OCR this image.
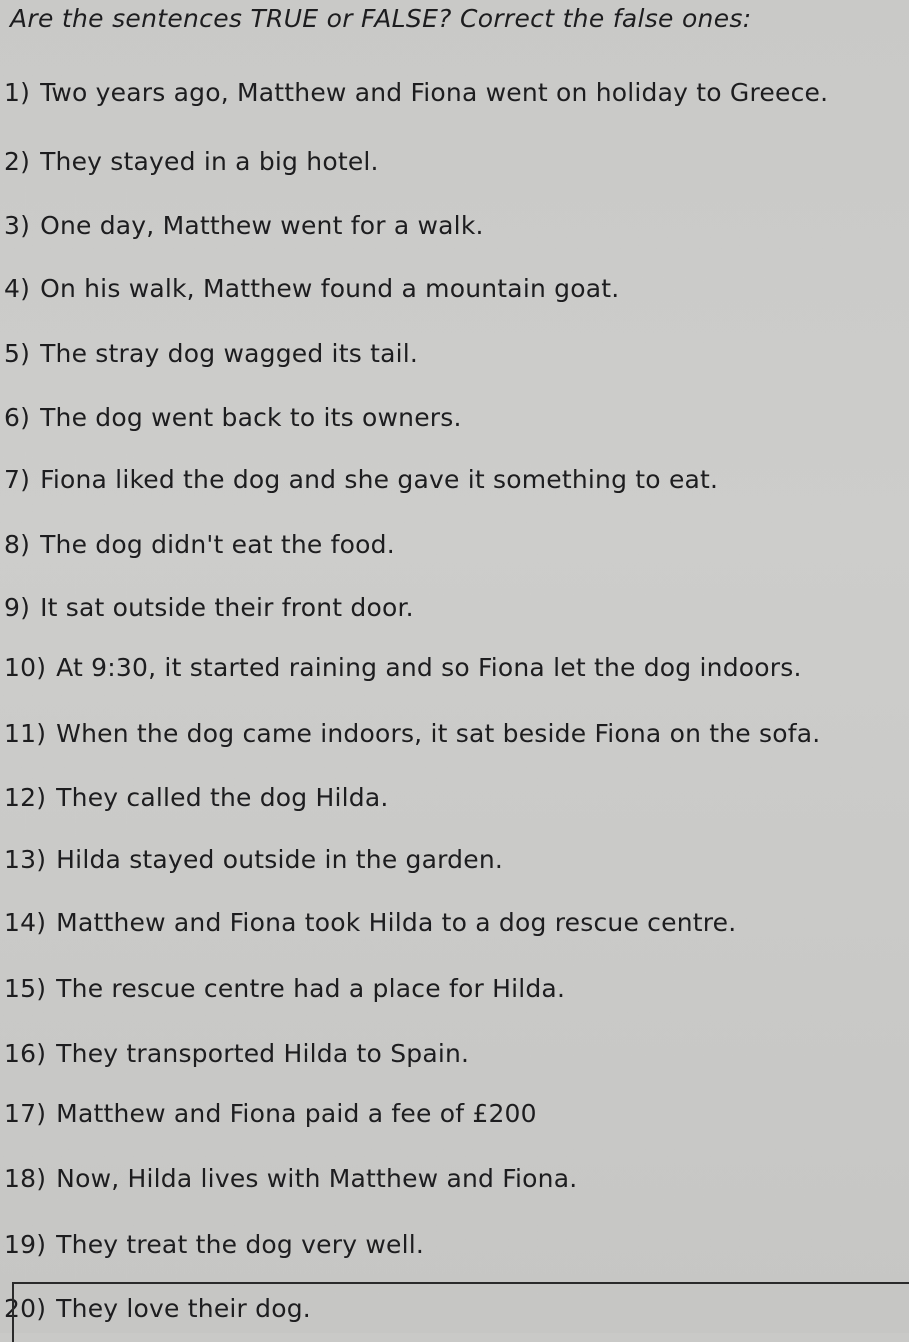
Are the sentences TRUE or FALSE? Correct the false ones:
1) Two years ago, Matthew and Fiona went on holiday to Greece.
2) They stayed in a big hotel.
3) One day, Matthew went for a walk.
4) On his walk, Matthew found a mountain goat.
5) The stray dog wagged its tail.
6) The dog went back to its owners.
7) Fiona liked the dog and she gave it something to eat.
8) The dog didn't eat the food.
9) It sat outside their front door.
10) At 9:30, it started raining and so Fiona let the dog indoors.
11) When the dog came indoors, it sat beside Fiona on the sofa.
12) They called the dog Hilda.
13) Hilda stayed outside in the garden.
14) Matthew and Fiona took Hilda to a dog rescue centre.
15) The rescue centre had a place for Hilda.
16) They transported Hilda to Spain.
17) Matthew and Fiona paid a fee of £200
18) Now, Hilda lives with Matthew and Fiona.
19) They treat the dog very well.
20) They love their dog.
